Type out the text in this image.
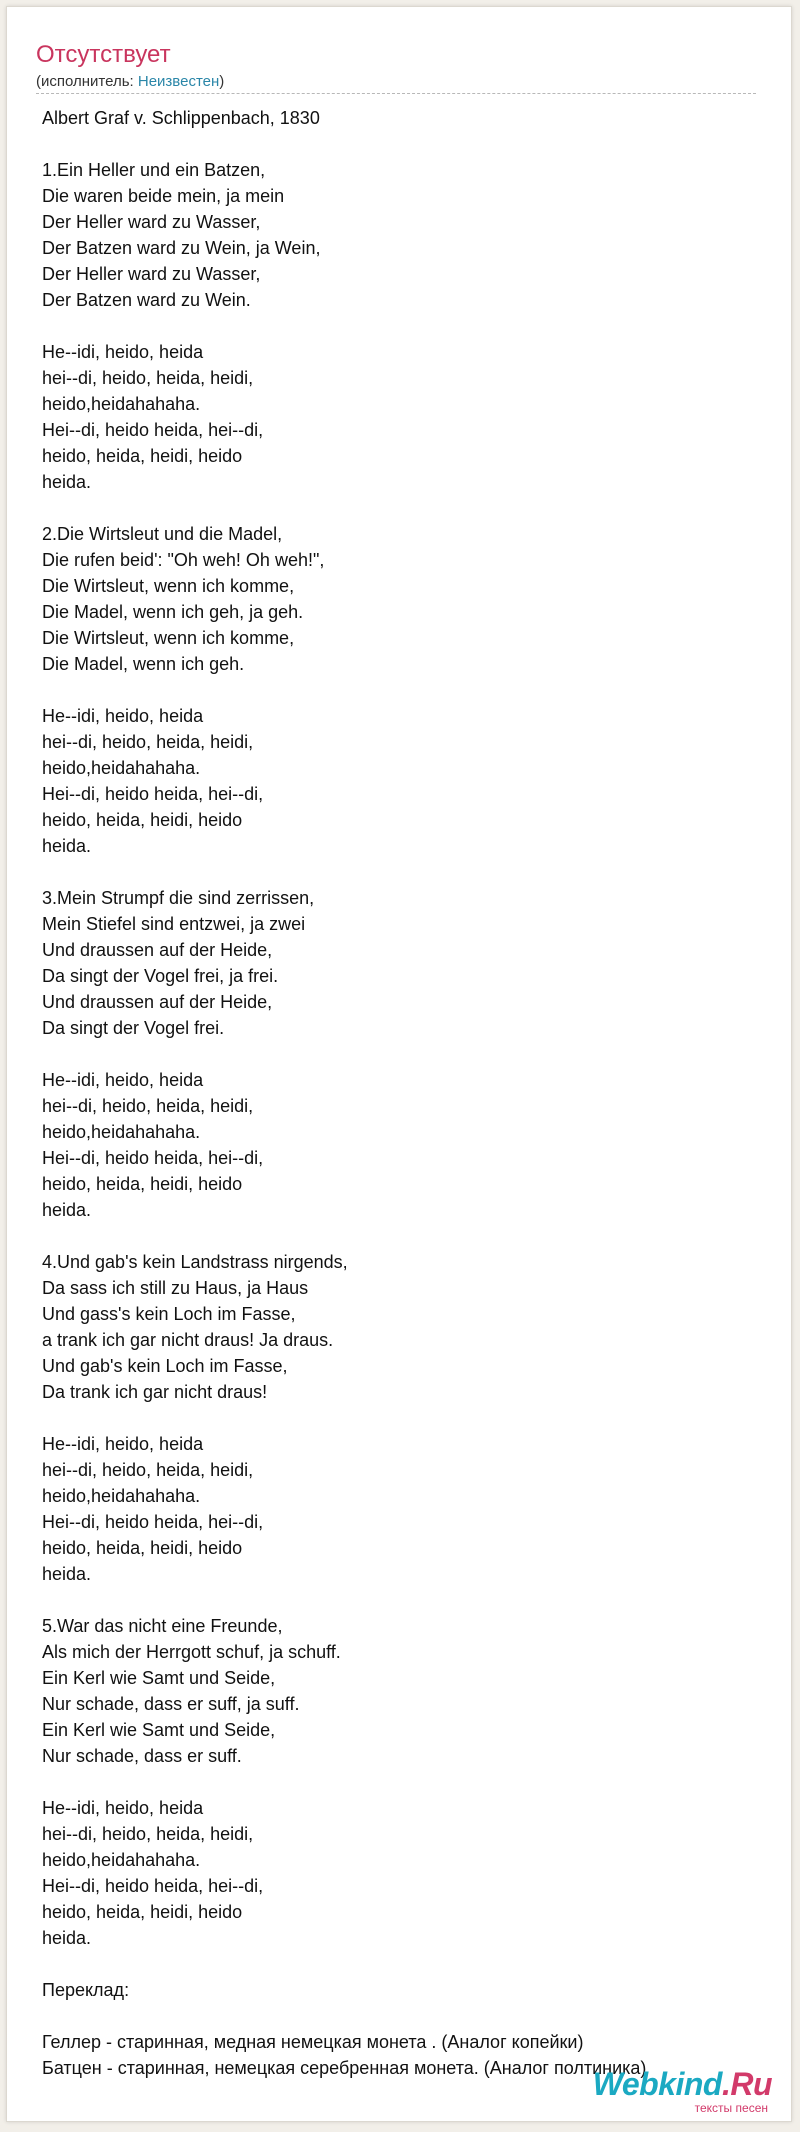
Отсутствует
(исполнитель: Неизвестен)
Albert Graf v. Schlippenbach, 1830
1.Ein Heller und ein Batzen,
Die waren beide mein, ja mein
Der Heller ward zu Wasser,
Der Batzen ward zu Wein, ja Wein,
Der Heller ward zu Wasser,
Der Batzen ward zu Wein.
He--idi, heido, heida
hei--di, heido, heida, heidi,
heido,heidahahaha.
Hei--di, heido heida, hei--di,
heido, heida, heidi, heido
heida.
2.Die Wirtsleut und die Madel,
Die rufen beid': "Oh weh! Oh weh!",
Die Wirtsleut, wenn ich komme,
Die Madel, wenn ich geh, ja geh.
Die Wirtsleut, wenn ich komme,
Die Madel, wenn ich geh.
He--idi, heido, heida
hei--di, heido, heida, heidi,
heido,heidahahaha.
Hei--di, heido heida, hei--di,
heido, heida, heidi, heido
heida.
3.Mein Strumpf die sind zerrissen,
Mein Stiefel sind entzwei, ja zwei
Und draussen auf der Heide,
Da singt der Vogel frei, ja frei.
Und draussen auf der Heide,
Da singt der Vogel frei.
He--idi, heido, heida
hei--di, heido, heida, heidi,
heido,heidahahaha.
Hei--di, heido heida, hei--di,
heido, heida, heidi, heido
heida.
4.Und gab's kein Landstrass nirgends,
Da sass ich still zu Haus, ja Haus
Und gass's kein Loch im Fasse,
a trank ich gar nicht draus! Ja draus.
Und gab's kein Loch im Fasse,
Da trank ich gar nicht draus!
He--idi, heido, heida
hei--di, heido, heida, heidi,
heido,heidahahaha.
Hei--di, heido heida, hei--di,
heido, heida, heidi, heido
heida.
5.War das nicht eine Freunde,
Als mich der Herrgott schuf, ja schuff.
Ein Kerl wie Samt und Seide,
Nur schade, dass er suff, ja suff.
Ein Kerl wie Samt und Seide,
Nur schade, dass er suff.
He--idi, heido, heida
hei--di, heido, heida, heidi,
heido,heidahahaha.
Hei--di, heido heida, hei--di,
heido, heida, heidi, heido
heida.
Переклад:
Геллер - старинная, медная немецкая монета . (Аналог копейки)
Батцен - старинная, немецкая серебренная монета. (Аналог полтиника)
Webkind.Ru
тексты песен
